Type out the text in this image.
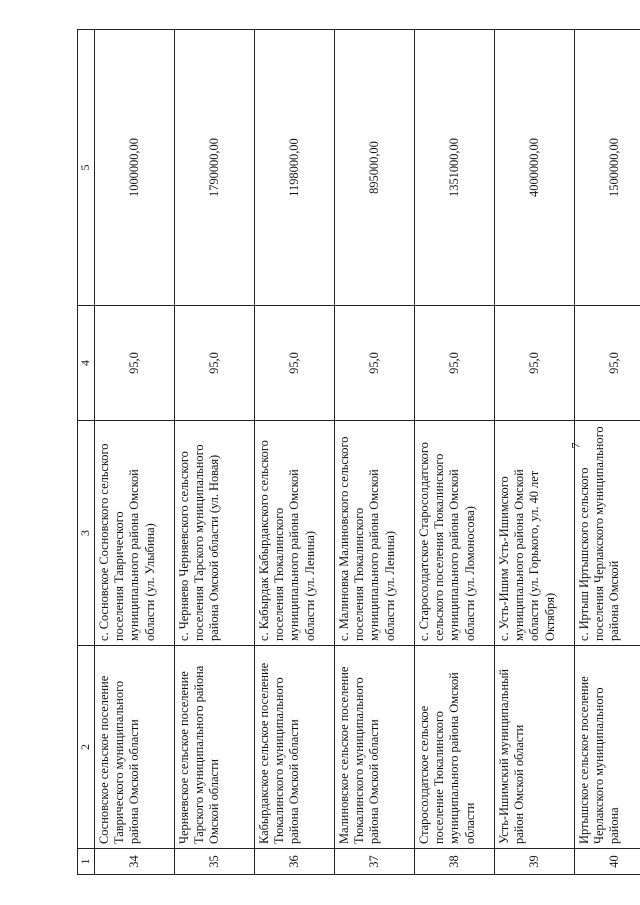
7
1	2	3	4	5
34	Сосновское сельское поселение Таврического муниципального района Омской области	с. Сосновское Сосновского сельского поселения Таврического муниципального района Омской области (ул. Улыбина)	95,0	1000000,00
35	Черняевское сельское поселение Тарского муниципального района Омской области	с. Черняево Черняевского сельского поселения Тарского муниципального района Омской области (ул. Новая)	95,0	1790000,00
36	Кабырдакское сельское поселение Тюкалинского муниципального района Омской области	с. Кабырдак Кабырдакского сельского поселения Тюкалинского муниципального района Омской области (ул. Ленина)	95,0	1198000,00
37	Малиновское сельское поселение Тюкалинского муниципального района Омской области	с. Малиновка Малиновского сельского поселения Тюкалинского муниципального района Омской области (ул. Ленина)	95,0	895000,00
38	Старосолдатское сельское поселение Тюкалинского муниципального района Омской области	с. Старосолдатское Старосолдатского сельского поселения Тюкалинского муниципального района Омской области (ул. Ломоносова)	95,0	1351000,00
39	Усть-Ишимский муниципальный район Омской области	с. Усть-Ишим Усть-Ишимского муниципального района Омской области (ул. Горького, ул. 40 лет Октября)	95,0	4000000,00
40	Иртышское сельское поселение Черлакского муниципального района	с. Иртыш Иртышского сельского поселения Черлакского муниципального района Омской	95,0	1500000,00
